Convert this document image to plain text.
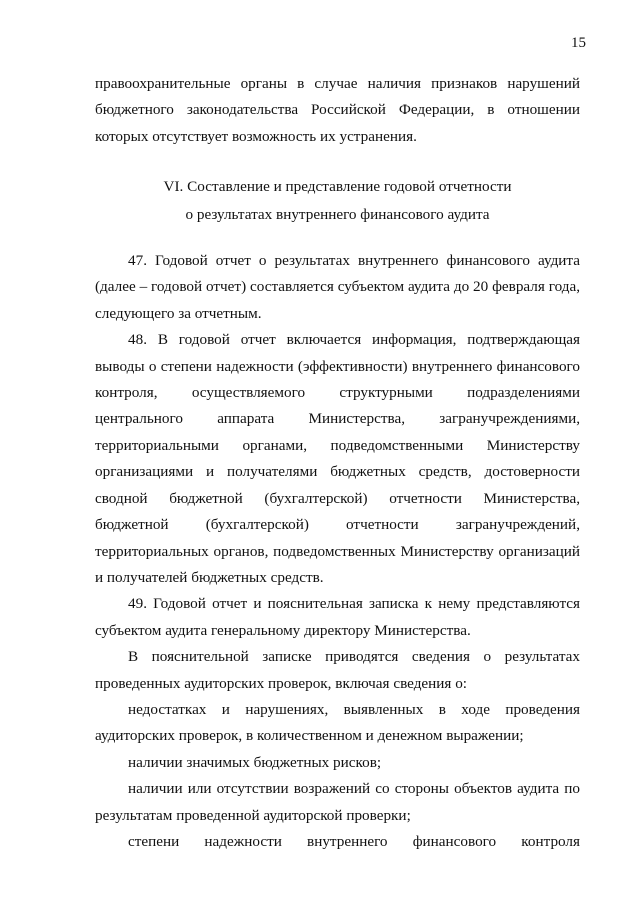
15

правоохранительные органы в случае наличия признаков нарушений бюджетного законодательства Российской Федерации, в отношении которых отсутствует возможность их устранения.

VI. Составление и представление годовой отчетности
о результатах внутреннего финансового аудита

47. Годовой отчет о результатах внутреннего финансового аудита (далее – годовой отчет) составляется субъектом аудита до 20 февраля года, следующего за отчетным.

48. В годовой отчет включается информация, подтверждающая выводы о степени надежности (эффективности) внутреннего финансового контроля, осуществляемого структурными подразделениями центрального аппарата Министерства, загранучреждениями, территориальными органами, подведомственными Министерству организациями и получателями бюджетных средств, достоверности сводной бюджетной (бухгалтерской) отчетности Министерства, бюджетной (бухгалтерской) отчетности загранучреждений, территориальных органов, подведомственных Министерству организаций и получателей бюджетных средств.

49. Годовой отчет и пояснительная записка к нему представляются субъектом аудита генеральному директору Министерства.

В пояснительной записке приводятся сведения о результатах проведенных аудиторских проверок, включая сведения о:

недостатках и нарушениях, выявленных в ходе проведения аудиторских проверок, в количественном и денежном выражении;

наличии значимых бюджетных рисков;

наличии или отсутствии возражений со стороны объектов аудита по результатам проведенной аудиторской проверки;

степени надежности внутреннего финансового контроля
